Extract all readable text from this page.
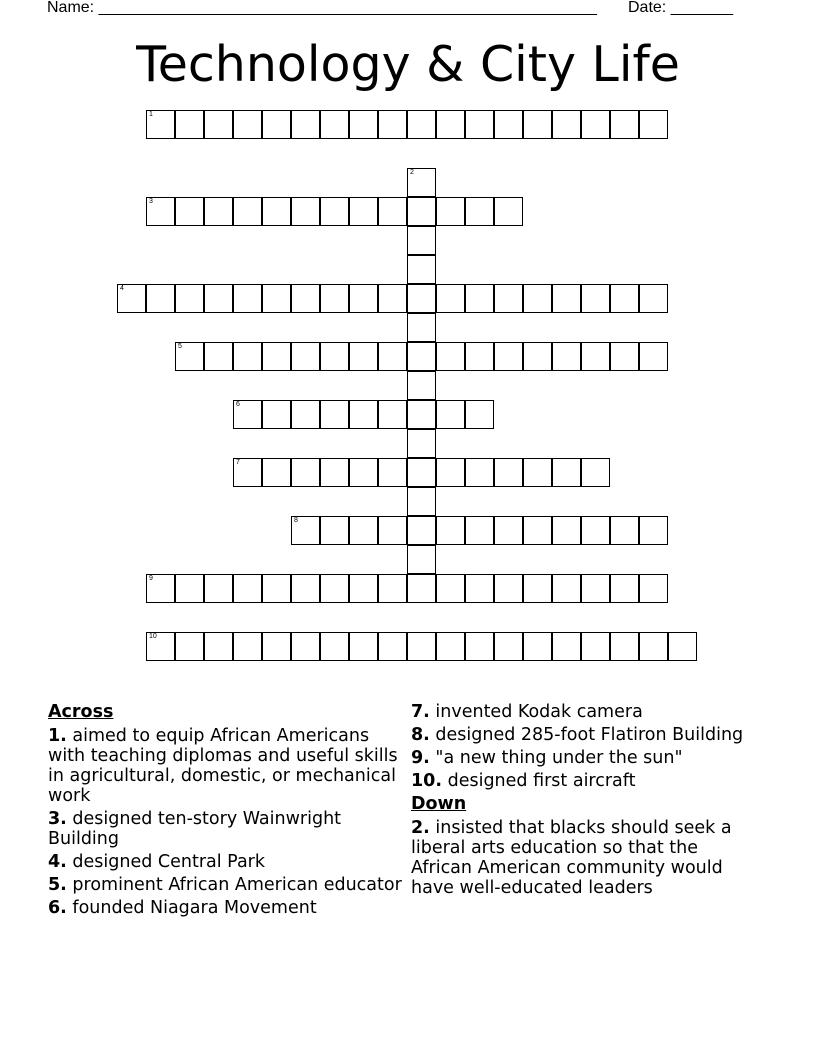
Name: ________________________________________________________ Date: _______
Technology & City Life
1
2
3
4
5
6
7
8
9
10
Across
1. aimed to equip African Americans with teaching diplomas and useful skills in agricultural, domestic, or mechanical work
3. designed ten-story Wainwright Building
4. designed Central Park
5. prominent African American educator
6. founded Niagara Movement
7. invented Kodak camera
8. designed 285-foot Flatiron Building
9. "a new thing under the sun"
10. designed first aircraft
Down
2. insisted that blacks should seek a liberal arts education so that the African American community would have well-educated leaders
